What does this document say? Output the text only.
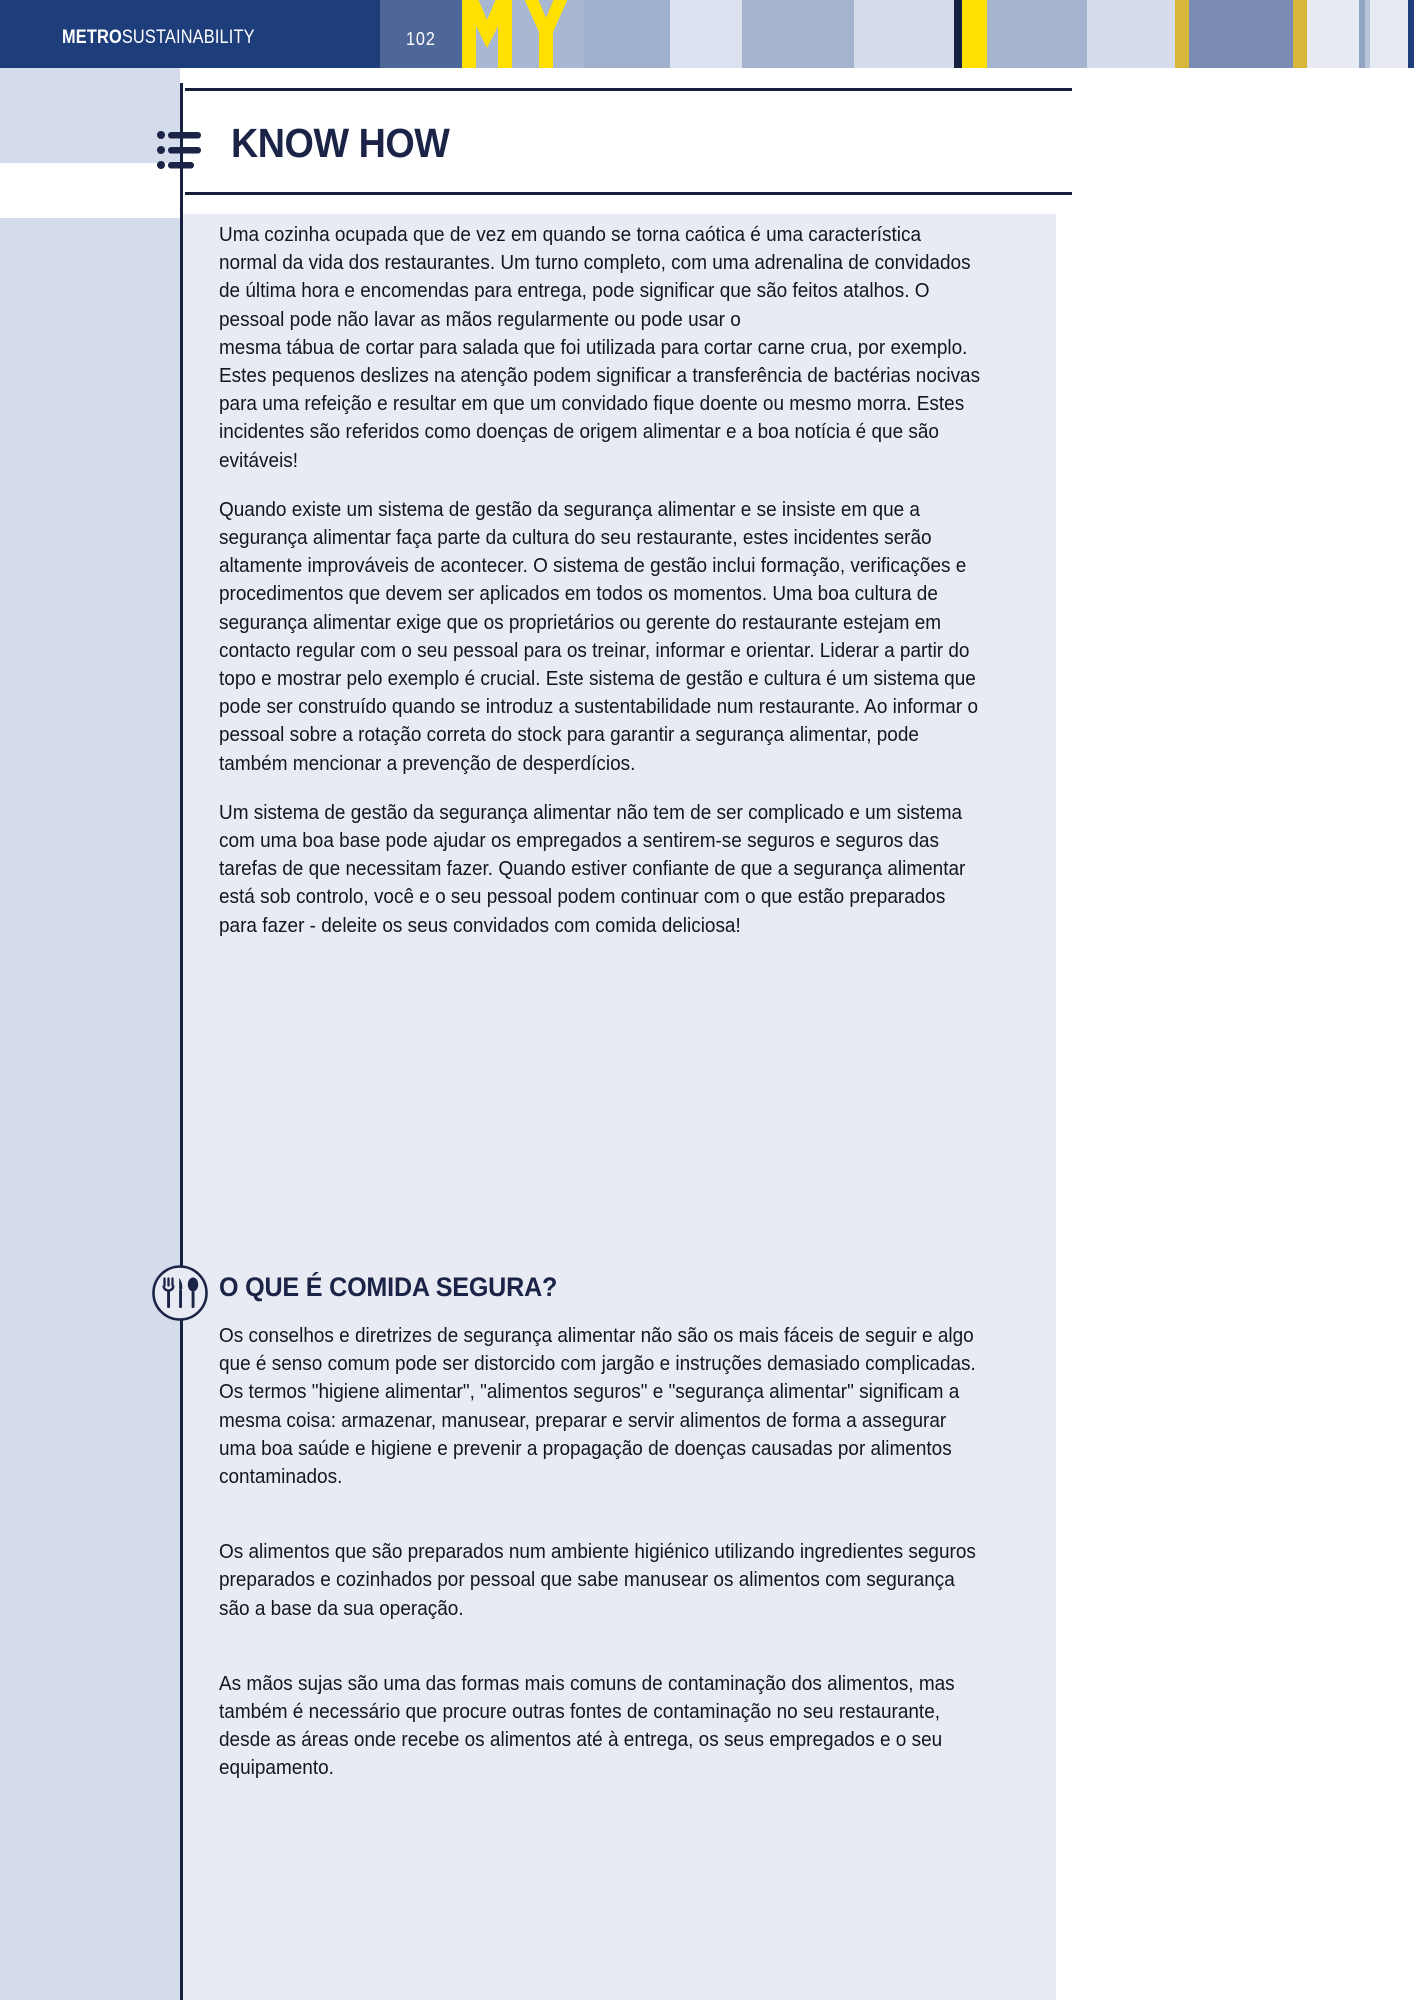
METROSUSTAINABILITY	102
KNOW HOW

Uma cozinha ocupada que de vez em quando se torna caótica é uma característica normal da vida dos restaurantes. Um turno completo, com uma adrenalina de convidados de última hora e encomendas para entrega, pode significar que são feitos atalhos. O pessoal pode não lavar as mãos regularmente ou pode usar o

mesma tábua de cortar para salada que foi utilizada para cortar carne crua, por exemplo. Estes pequenos deslizes na atenção podem significar a transferência de bactérias nocivas para uma refeição e resultar em que um convidado fique doente ou mesmo morra. Estes incidentes são referidos como doenças de origem alimentar e a boa notícia é que são evitáveis!

Quando existe um sistema de gestão da segurança alimentar e se insiste em que a segurança alimentar faça parte da cultura do seu restaurante, estes incidentes serão altamente improváveis de acontecer. O sistema de gestão inclui formação, verificações e procedimentos que devem ser aplicados em todos os momentos. Uma boa cultura de segurança alimentar exige que os proprietários ou gerente do restaurante estejam em contacto regular com o seu pessoal para os treinar, informar e orientar. Liderar a partir do topo e mostrar pelo exemplo é crucial. Este sistema de gestão e cultura é um sistema que pode ser construído quando se introduz a sustentabilidade num restaurante. Ao informar o pessoal sobre a rotação correta do stock para garantir a segurança alimentar, pode também mencionar a prevenção de desperdícios.

Um sistema de gestão da segurança alimentar não tem de ser complicado e um sistema com uma boa base pode ajudar os empregados a sentirem-se seguros e seguros das tarefas de que necessitam fazer. Quando estiver confiante de que a segurança alimentar está sob controlo, você e o seu pessoal podem continuar com o que estão preparados para fazer - deleite os seus convidados com comida deliciosa!

O QUE É COMIDA SEGURA?

Os conselhos e diretrizes de segurança alimentar não são os mais fáceis de seguir e algo que é senso comum pode ser distorcido com jargão e instruções demasiado complicadas.

Os termos "higiene alimentar", "alimentos seguros" e "segurança alimentar" significam a mesma coisa: armazenar, manusear, preparar e servir alimentos de forma a assegurar uma boa saúde e higiene e prevenir a propagação de doenças causadas por alimentos contaminados.

Os alimentos que são preparados num ambiente higiénico utilizando ingredientes seguros preparados e cozinhados por pessoal que sabe manusear os alimentos com segurança são a base da sua operação.

As mãos sujas são uma das formas mais comuns de contaminação dos alimentos, mas também é necessário que procure outras fontes de contaminação no seu restaurante, desde as áreas onde recebe os alimentos até à entrega, os seus empregados e o seu equipamento.
